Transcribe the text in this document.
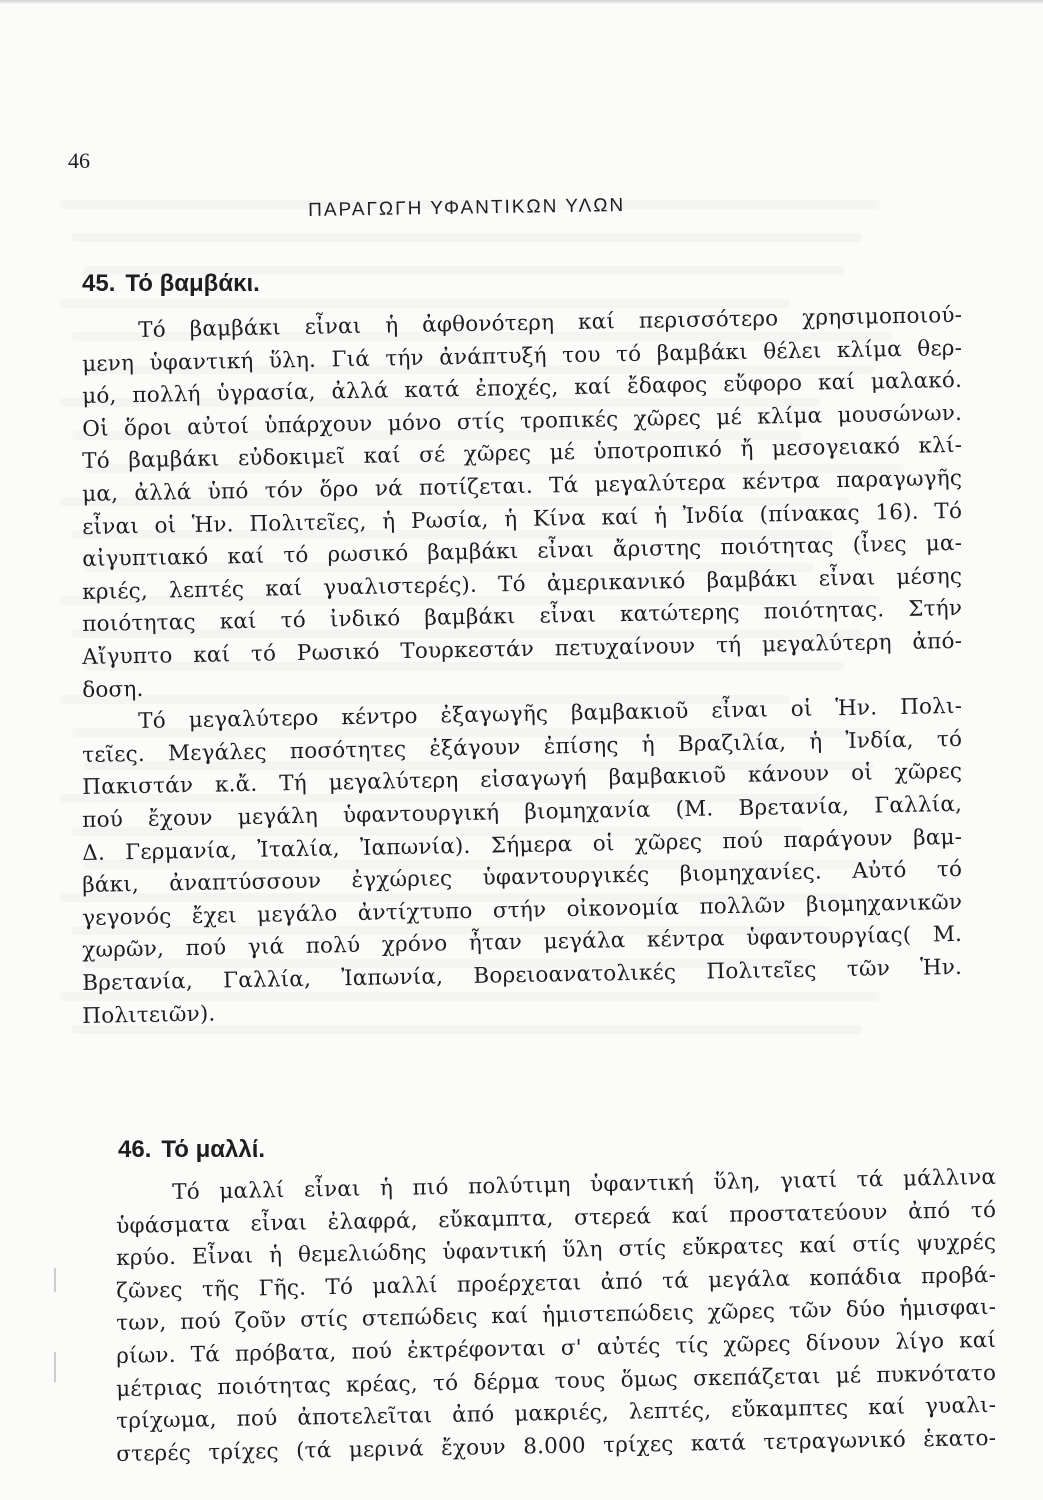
46
ΠΑΡΑΓΩΓΗ ΥΦΑΝΤΙΚΩΝ ΥΛΩΝ
45. Τό βαμβάκι.
Τό βαμβάκι εἶναι ἡ ἀφθονότερη καί περισσότερο χρησιμοποιού-
μενη ὑφαντική ὕλη. Γιά τήν ἀνάπτυξή του τό βαμβάκι θέλει κλίμα θερ-
μό, πολλή ὑγρασία, ἀλλά κατά ἐποχές, καί ἔδαφος εὔφορο καί μαλακό.
Οἱ ὅροι αὐτοί ὑπάρχουν μόνο στίς τροπικές χῶρες μέ κλίμα μουσώνων.
Τό βαμβάκι εὐδοκιμεῖ καί σέ χῶρες μέ ὑποτροπικό ἤ μεσογειακό κλί-
μα, ἀλλά ὑπό τόν ὅρο νά ποτίζεται. Τά μεγαλύτερα κέντρα παραγωγῆς
εἶναι οἱ Ἡν. Πολιτεῖες, ἡ Ρωσία, ἡ Κίνα καί ἡ Ἰνδία (πίνακας 16). Τό
αἰγυπτιακό καί τό ρωσικό βαμβάκι εἶναι ἄριστης ποιότητας (ἶνες μα-
κριές, λεπτές καί γυαλιστερές). Τό ἀμερικανικό βαμβάκι εἶναι μέσης
ποιότητας καί τό ἰνδικό βαμβάκι εἶναι κατώτερης ποιότητας. Στήν
Αἴγυπτο καί τό Ρωσικό Τουρκεστάν πετυχαίνουν τή μεγαλύτερη ἀπό-
δοση.
Τό μεγαλύτερο κέντρο ἐξαγωγῆς βαμβακιοῦ εἶναι οἱ Ἡν. Πολι-
τεῖες. Μεγάλες ποσότητες ἐξάγουν ἐπίσης ἡ Βραζιλία, ἡ Ἰνδία, τό
Πακιστάν κ.ἄ. Τή μεγαλύτερη εἰσαγωγή βαμβακιοῦ κάνουν οἱ χῶρες
πού ἔχουν μεγάλη ὑφαντουργική βιομηχανία (Μ. Βρετανία, Γαλλία,
Δ. Γερμανία, Ἰταλία, Ἰαπωνία). Σήμερα οἱ χῶρες πού παράγουν βαμ-
βάκι, ἀναπτύσσουν ἐγχώριες ὑφαντουργικές βιομηχανίες. Αὐτό τό
γεγονός ἔχει μεγάλο ἀντίχτυπο στήν οἰκονομία πολλῶν βιομηχανικῶν
χωρῶν, πού γιά πολύ χρόνο ἦταν μεγάλα κέντρα ὑφαντουργίας( Μ.
Βρετανία, Γαλλία, Ἰαπωνία, Βορειοανατολικές Πολιτεῖες τῶν Ἡν.
Πολιτειῶν).
46. Τό μαλλί.
Τό μαλλί εἶναι ἡ πιό πολύτιμη ὑφαντική ὕλη, γιατί τά μάλλινα
ὑφάσματα εἶναι ἐλαφρά, εὔκαμπτα, στερεά καί προστατεύουν ἀπό τό
κρύο. Εἶναι ἡ θεμελιώδης ὑφαντική ὕλη στίς εὔκρατες καί στίς ψυχρές
ζῶνες τῆς Γῆς. Τό μαλλί προέρχεται ἀπό τά μεγάλα κοπάδια προβά-
των, πού ζοῦν στίς στεπώδεις καί ἡμιστεπώδεις χῶρες τῶν δύο ἡμισφαι-
ρίων. Τά πρόβατα, πού ἐκτρέφονται σ' αὐτές τίς χῶρες δίνουν λίγο καί
μέτριας ποιότητας κρέας, τό δέρμα τους ὅμως σκεπάζεται μέ πυκνότατο
τρίχωμα, πού ἀποτελεῖται ἀπό μακριές, λεπτές, εὔκαμπτες καί γυαλι-
στερές τρίχες (τά μερινά ἔχουν 8.000 τρίχες κατά τετραγωνικό ἑκατο-
